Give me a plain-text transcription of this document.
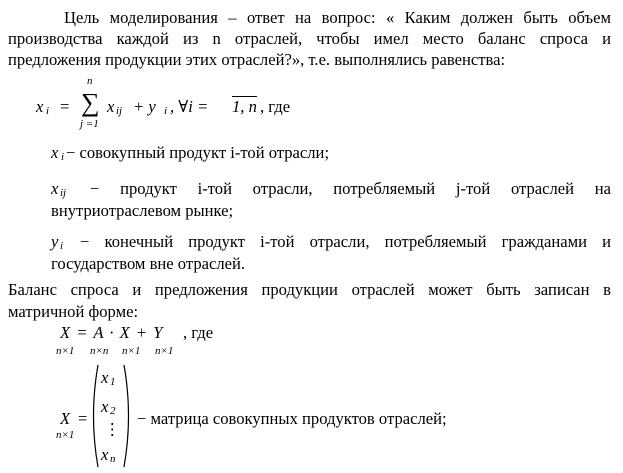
Цель моделирования – ответ на вопрос: « Каким должен быть объем
производства каждой из n отраслей, чтобы имел место баланс спроса и
предложения продукции этих отраслей?», т.е. выполнялись равенства:
x i =
n
∑
j =1
x ij + y i , ∀i = 1, n , где
x i − совокупный продукт i-той отрасли;
x ij − продукт i-той отрасли, потребляемый j-той отраслей на
внутриотраслевом рынке;
y i − конечный продукт i-той отрасли, потребляемый гражданами и
государством вне отраслей.
Баланс спроса и предложения продукции отраслей может быть записан в
матричной форме:
X = A · X + Y , где
n×1 n×n n×1 n×1
X
n×1
=
x 1
x 2
⋮
x n
− матрица совокупных продуктов отраслей;
